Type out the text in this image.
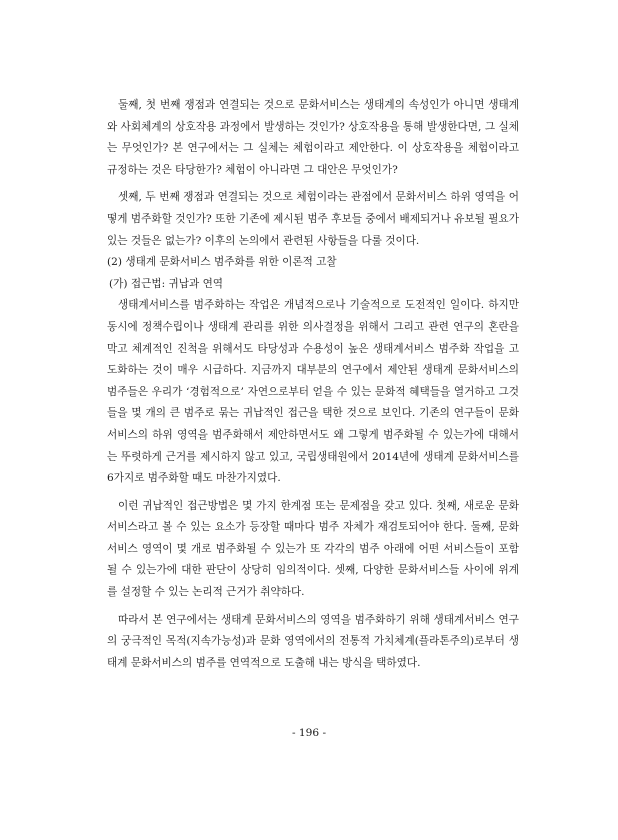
둘째, 첫 번째 쟁점과 연결되는 것으로 문화서비스는 생태계의 속성인가 아니면 생태계와 사회체계의 상호작용 과정에서 발생하는 것인가? 상호작용을 통해 발생한다면, 그 실체는 무엇인가? 본 연구에서는 그 실체는 체험이라고 제안한다. 이 상호작용을 체험이라고 규정하는 것은 타당한가? 체험이 아니라면 그 대안은 무엇인가?

셋째, 두 번째 쟁점과 연결되는 것으로 체험이라는 관점에서 문화서비스 하위 영역을 어떻게 범주화할 것인가? 또한 기존에 제시된 범주 후보들 중에서 배제되거나 유보될 필요가 있는 것들은 없는가? 이후의 논의에서 관련된 사항들을 다룰 것이다.

(2) 생태계 문화서비스 범주화를 위한 이론적 고찰

(가) 접근법: 귀납과 연역

생태계서비스를 범주화하는 작업은 개념적으로나 기술적으로 도전적인 일이다. 하지만 동시에 정책수립이나 생태계 관리를 위한 의사결정을 위해서 그리고 관련 연구의 혼란을 막고 체계적인 진척을 위해서도 타당성과 수용성이 높은 생태계서비스 범주화 작업을 고도화하는 것이 매우 시급하다. 지금까지 대부분의 연구에서 제안된 생태계 문화서비스의 범주들은 우리가 ‘경험적으로’ 자연으로부터 얻을 수 있는 문화적 혜택들을 열거하고 그것들을 몇 개의 큰 범주로 묶는 귀납적인 접근을 택한 것으로 보인다. 기존의 연구들이 문화서비스의 하위 영역을 범주화해서 제안하면서도 왜 그렇게 범주화될 수 있는가에 대해서는 뚜렷하게 근거를 제시하지 않고 있고, 국립생태원에서 2014년에 생태계 문화서비스를 6가지로 범주화할 때도 마찬가지였다.

이런 귀납적인 접근방법은 몇 가지 한계점 또는 문제점을 갖고 있다. 첫째, 새로운 문화서비스라고 볼 수 있는 요소가 등장할 때마다 범주 자체가 재검토되어야 한다. 둘째, 문화서비스 영역이 몇 개로 범주화될 수 있는가 또 각각의 범주 아래에 어떤 서비스들이 포함될 수 있는가에 대한 판단이 상당히 임의적이다. 셋째, 다양한 문화서비스들 사이에 위계를 설정할 수 있는 논리적 근거가 취약하다.

따라서 본 연구에서는 생태계 문화서비스의 영역을 범주화하기 위해 생태계서비스 연구의 궁극적인 목적(지속가능성)과 문화 영역에서의 전통적 가치체계(플라톤주의)로부터 생태계 문화서비스의 범주를 연역적으로 도출해 내는 방식을 택하였다.

- 196 -
